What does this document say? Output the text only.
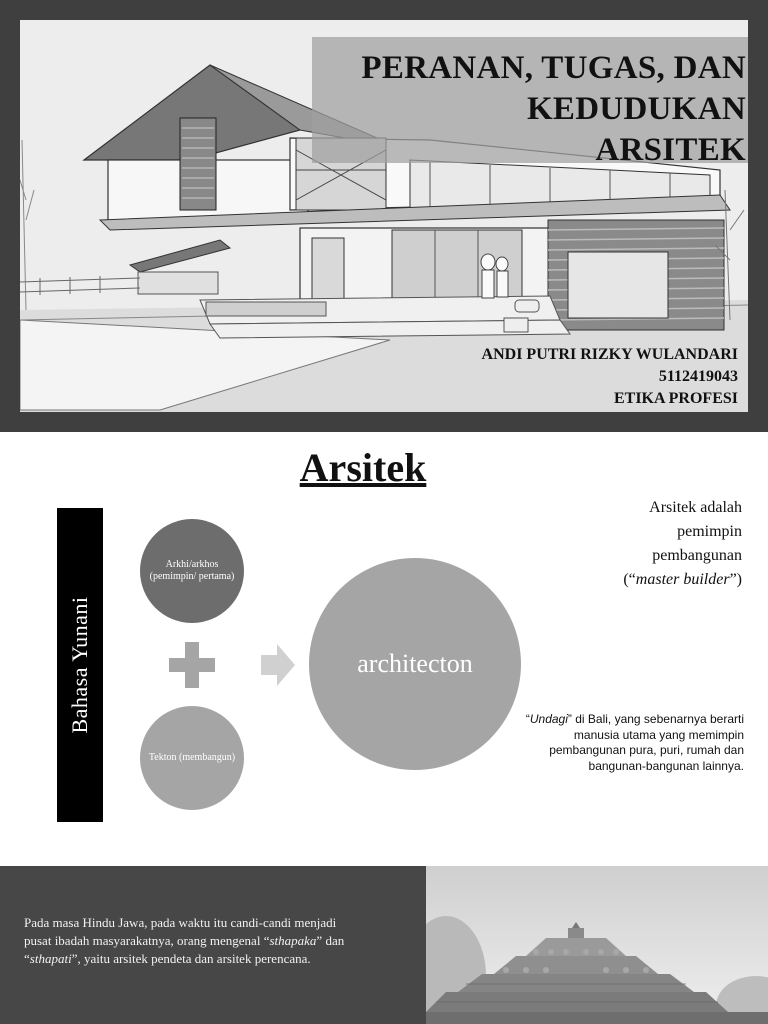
PERANAN, TUGAS, DAN
KEDUDUKAN
ARSITEK
ANDI PUTRI RIZKY WULANDARI
5112419043
ETIKA PROFESI
Arsitek
Bahasa Yunani
Arkhi/arkhos (pemimpin/ pertama)
Tekton (membangun)
architecton
Arsitek adalah
pemimpin
pembangunan
(“master builder”)
“Undagi” di Bali, yang sebenarnya berarti manusia utama yang memimpin pembangunan pura, puri, rumah dan bangunan-bangunan lainnya.
Pada masa Hindu Jawa, pada waktu itu candi-candi menjadi pusat ibadah masyarakatnya, orang mengenal “sthapaka” dan “sthapati”, yaitu arsitek pendeta dan arsitek perencana.
